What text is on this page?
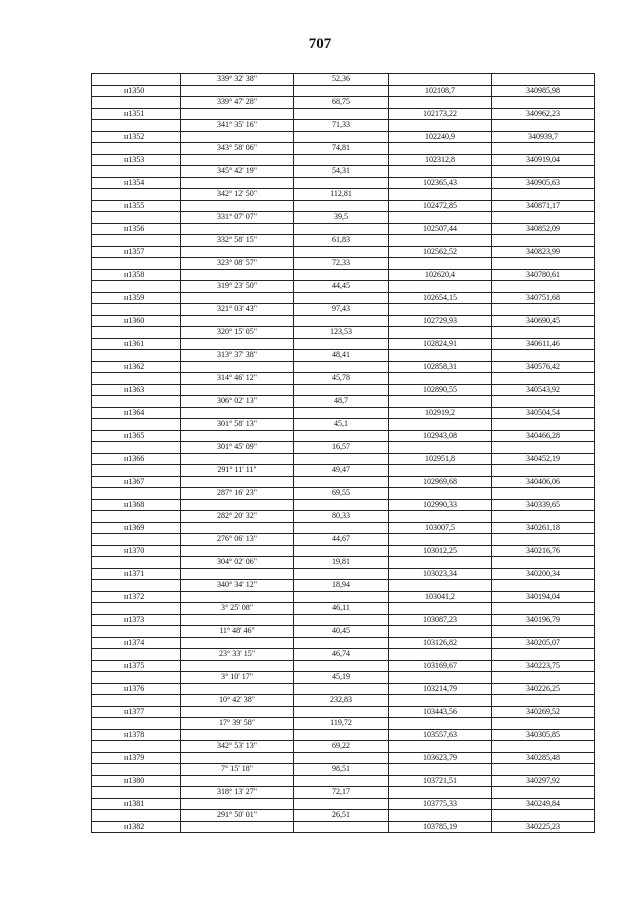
707
	339° 32' 38"	52,36		
н1350			102108,7	340985,98
	339° 47' 28"	68,75		
н1351			102173,22	340962,23
	341° 35' 16"	71,33		
н1352			102240,9	340939,7
	343° 58' 06"	74,81		
н1353			102312,8	340919,04
	345° 42' 19"	54,31		
н1354			102365,43	340905,63
	342° 12' 50"	112,81		
н1355			102472,85	340871,17
	331° 07' 07"	39,5		
н1356			102507,44	340852,09
	332° 58' 15"	61,83		
н1357			102562,52	340823,99
	323° 08' 57"	72,33		
н1358			102620,4	340780,61
	319° 23' 50"	44,45		
н1359			102654,15	340751,68
	321° 03' 43"	97,43		
н1360			102729,93	340690,45
	320° 15' 05"	123,53		
н1361			102824,91	340611,46
	313° 37' 38"	48,41		
н1362			102858,31	340576,42
	314° 46' 12"	45,78		
н1363			102890,55	340543,92
	306° 02' 13"	48,7		
н1364			102919,2	340504,54
	301° 58' 13"	45,1		
н1365			102943,08	340466,28
	301° 45' 09"	16,57		
н1366			102951,8	340452,19
	291° 11' 11"	49,47		
н1367			102969,68	340406,06
	287° 16' 23"	69,55		
н1368			102990,33	340339,65
	282° 20' 32"	80,33		
н1369			103007,5	340261,18
	276° 06' 13"	44,67		
н1370			103012,25	340216,76
	304° 02' 06"	19,81		
н1371			103023,34	340200,34
	340° 34' 12"	18,94		
н1372			103041,2	340194,04
	3° 25' 08"	46,11		
н1373			103087,23	340196,79
	11° 48' 46"	40,45		
н1374			103126,82	340205,07
	23° 33' 15"	46,74		
н1375			103169,67	340223,75
	3° 10' 17"	45,19		
н1376			103214,79	340226,25
	10° 42' 38"	232,83		
н1377			103443,56	340269,52
	17° 39' 58"	119,72		
н1378			103557,63	340305,85
	342° 53' 13"	69,22		
н1379			103623,79	340285,48
	7° 15' 18"	98,51		
н1380			103721,51	340297,92
	318° 13' 27"	72,17		
н1381			103775,33	340249,84
	291° 50' 01"	26,51		
н1382			103785,19	340225,23
